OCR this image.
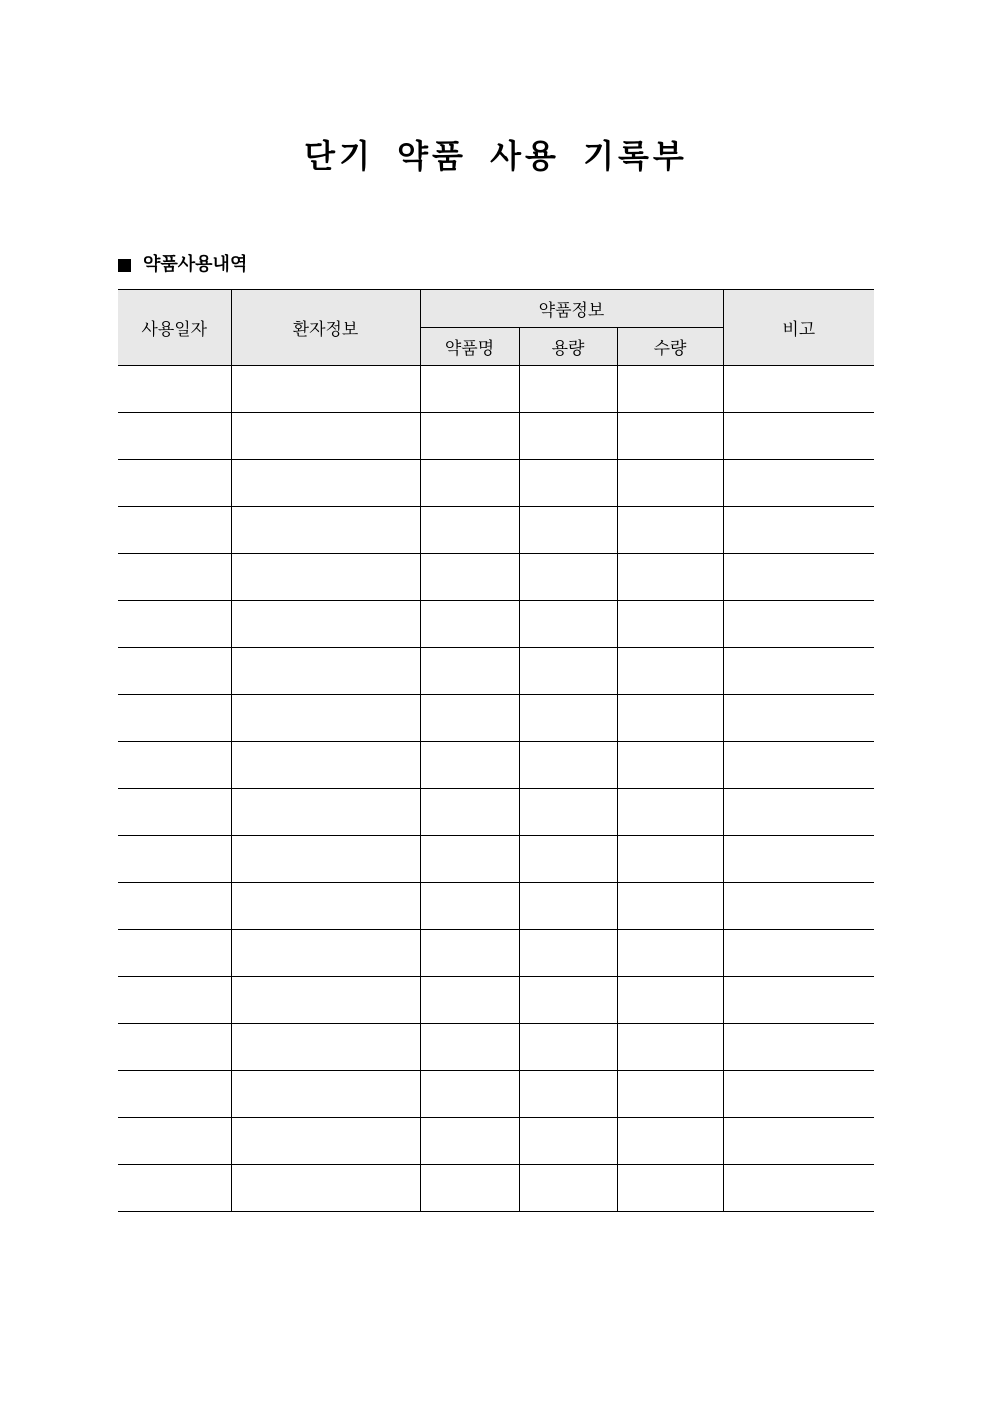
단기 약품 사용 기록부
약품사용내역
사용일자	환자정보	약품정보			비고
		약품명	용량	수량	
